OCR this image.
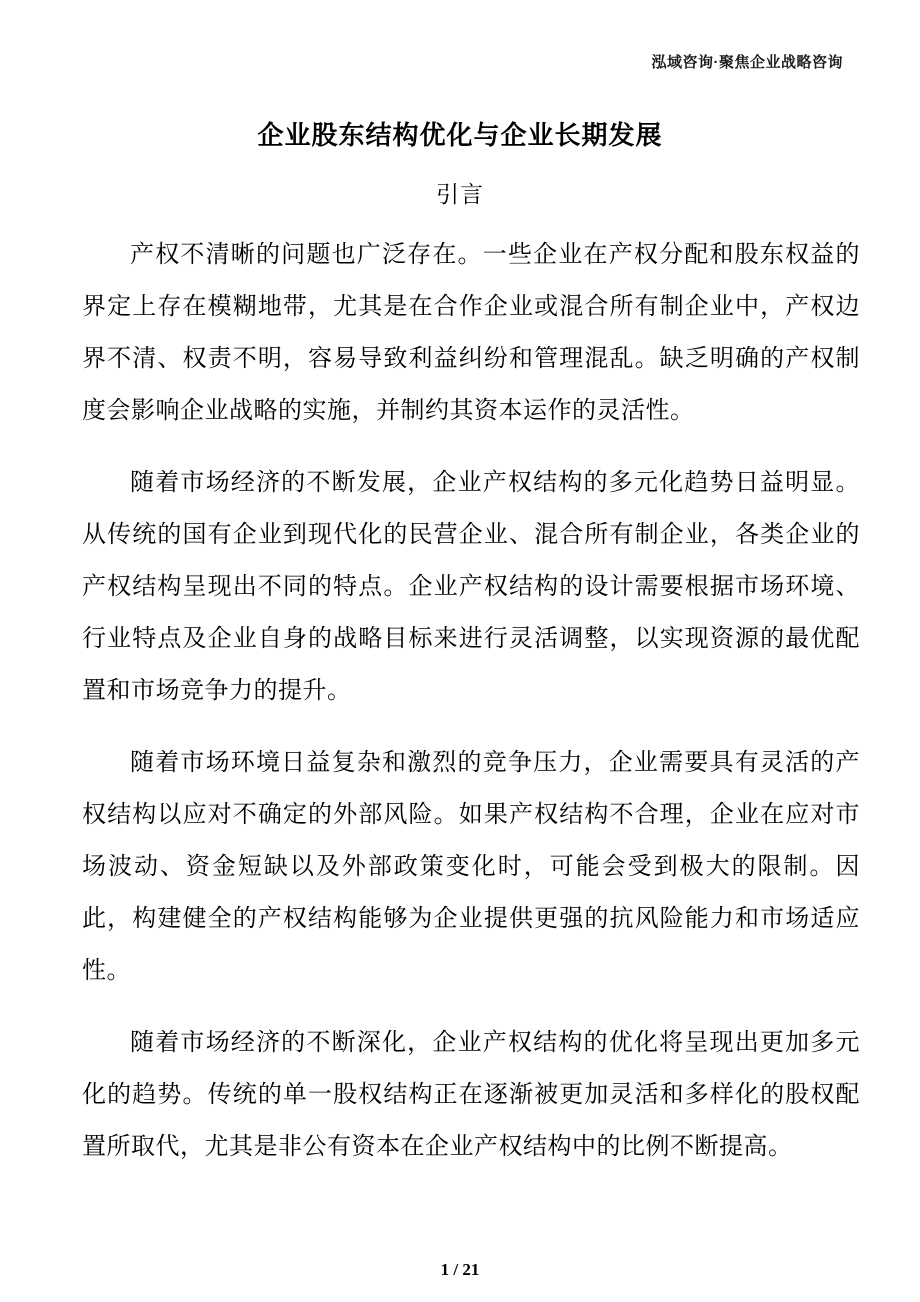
泓域咨询·聚焦企业战略咨询
企业股东结构优化与企业长期发展
引言

产权不清晰的问题也广泛存在。一些企业在产权分配和股东权益的界定上存在模糊地带，尤其是在合作企业或混合所有制企业中，产权边界不清、权责不明，容易导致利益纠纷和管理混乱。缺乏明确的产权制度会影响企业战略的实施，并制约其资本运作的灵活性。

随着市场经济的不断发展，企业产权结构的多元化趋势日益明显。从传统的国有企业到现代化的民营企业、混合所有制企业，各类企业的产权结构呈现出不同的特点。企业产权结构的设计需要根据市场环境、行业特点及企业自身的战略目标来进行灵活调整，以实现资源的最优配置和市场竞争力的提升。

随着市场环境日益复杂和激烈的竞争压力，企业需要具有灵活的产权结构以应对不确定的外部风险。如果产权结构不合理，企业在应对市场波动、资金短缺以及外部政策变化时，可能会受到极大的限制。因此，构建健全的产权结构能够为企业提供更强的抗风险能力和市场适应性。

随着市场经济的不断深化，企业产权结构的优化将呈现出更加多元化的趋势。传统的单一股权结构正在逐渐被更加灵活和多样化的股权配置所取代，尤其是非公有资本在企业产权结构中的比例不断提高。

1 / 21
